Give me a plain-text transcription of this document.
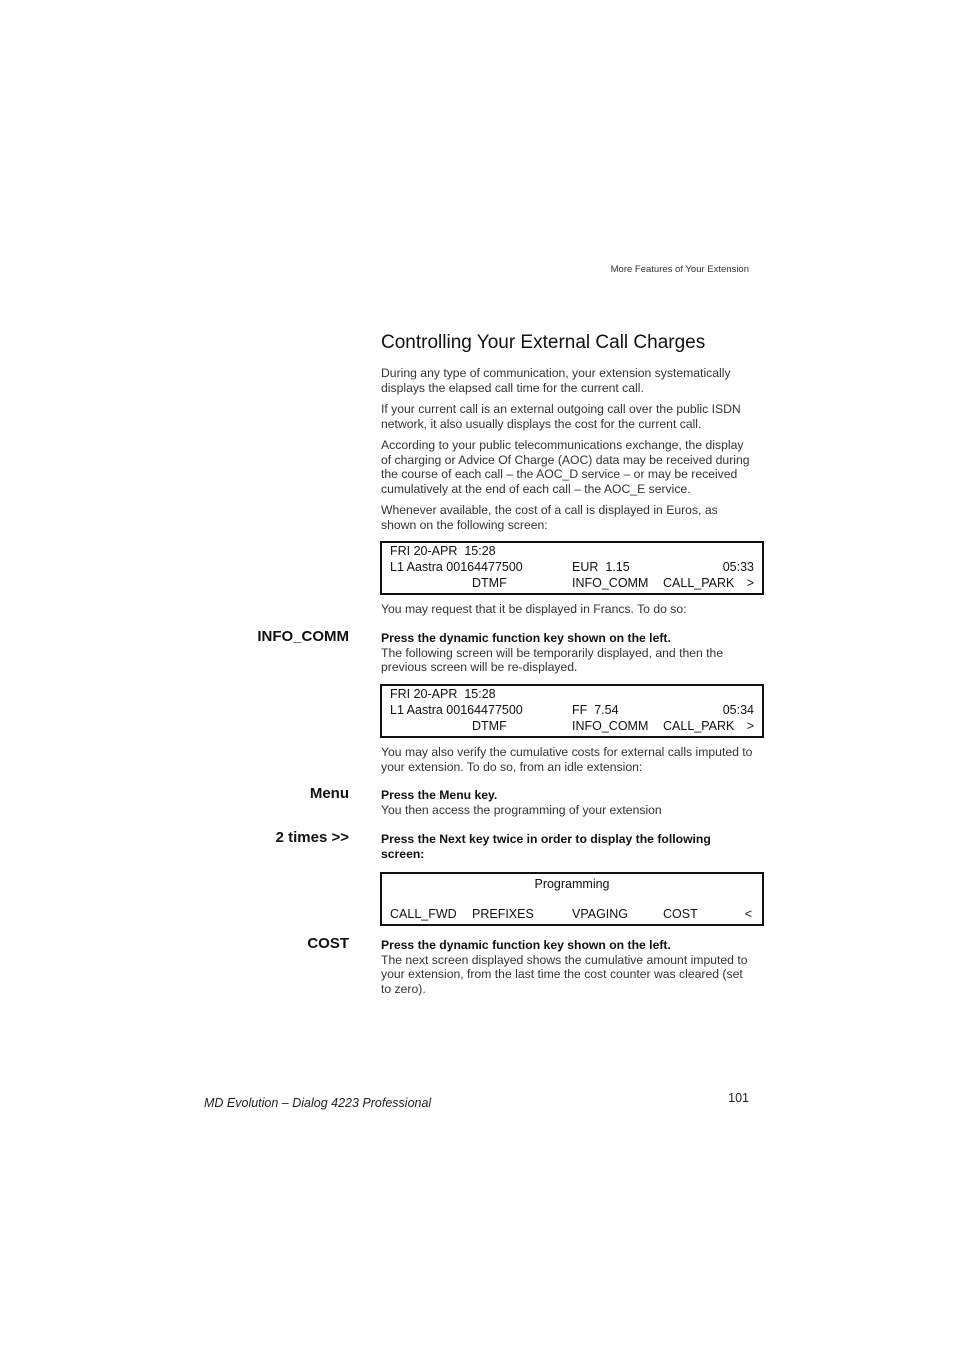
More Features of Your Extension
Controlling Your External Call Charges

During any type of communication, your extension systematically displays the elapsed call time for the current call.

If your current call is an external outgoing call over the public ISDN network, it also usually displays the cost for the current call.

According to your public telecommunications exchange, the display of charging or Advice Of Charge (AOC) data may be received during the course of each call – the AOC_D service – or may be received cumulatively at the end of each call – the AOC_E service.

Whenever available, the cost of a call is displayed in Euros, as shown on the following screen:

FRI 20-APR  15:28
L1 Aastra 00164477500	EUR  1.15	05:33
DTMF	INFO_COMM CALL_PARK >

You may request that it be displayed in Francs. To do so:

INFO_COMM	Press the dynamic function key shown on the left.
The following screen will be temporarily displayed, and then the previous screen will be re-displayed.

FRI 20-APR  15:28
L1 Aastra 00164477500	FF  7.54	05:34
DTMF	INFO_COMM CALL_PARK >

You may also verify the cumulative costs for external calls imputed to your extension. To do so, from an idle extension:

Menu	Press the Menu key.
You then access the programming of your extension

2 times >>	Press the Next key twice in order to display the following screen:

Programming
CALL_FWD PREFIXES	VPAGING	COST	<
COST	Press the dynamic function key shown on the left.
The next screen displayed shows the cumulative amount imputed to your extension, from the last time the cost counter was cleared (set to zero).

MD Evolution – Dialog 4223 Professional	101
